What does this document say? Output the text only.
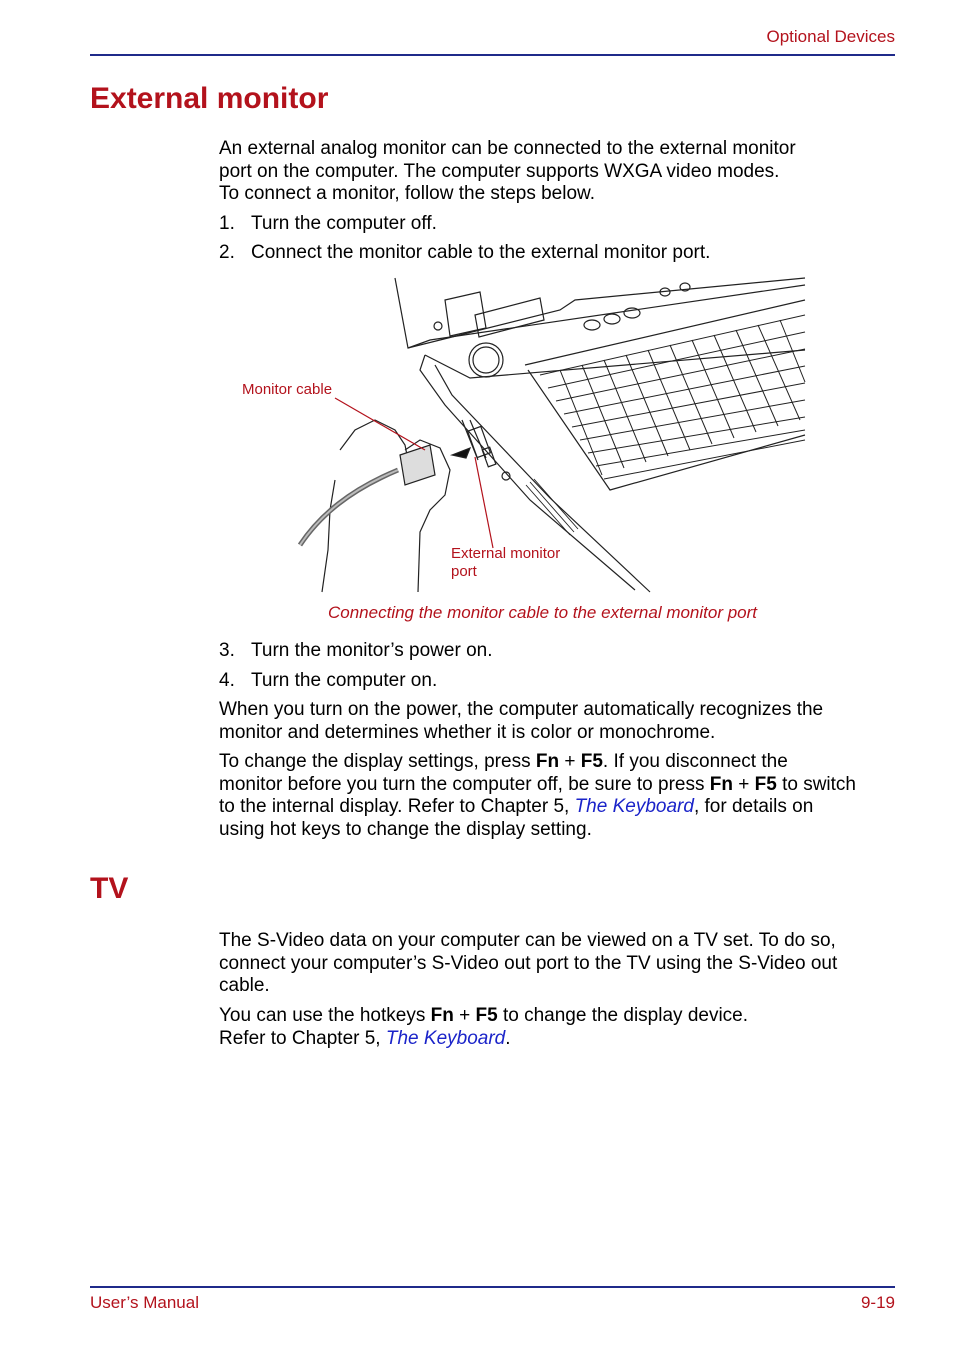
Optional Devices
External monitor
An external analog monitor can be connected to the external monitor
port on the computer. The computer supports WXGA video modes.
To connect a monitor, follow the steps below.
1. Turn the computer off.
2. Connect the monitor cable to the external monitor port.
Monitor cable
External monitor
port
Connecting the monitor cable to the external monitor port
3. Turn the monitor’s power on.
4. Turn the computer on.
When you turn on the power, the computer automatically recognizes the
monitor and determines whether it is color or monochrome.
To change the display settings, press Fn + F5. If you disconnect the
monitor before you turn the computer off, be sure to press Fn + F5 to switch
to the internal display. Refer to Chapter 5, The Keyboard, for details on
using hot keys to change the display setting.
TV
The S-Video data on your computer can be viewed on a TV set. To do so,
connect your computer’s S-Video out port to the TV using the S-Video out
cable.
You can use the hotkeys Fn + F5 to change the display device.
Refer to Chapter 5, The Keyboard.
User’s Manual	9-19
